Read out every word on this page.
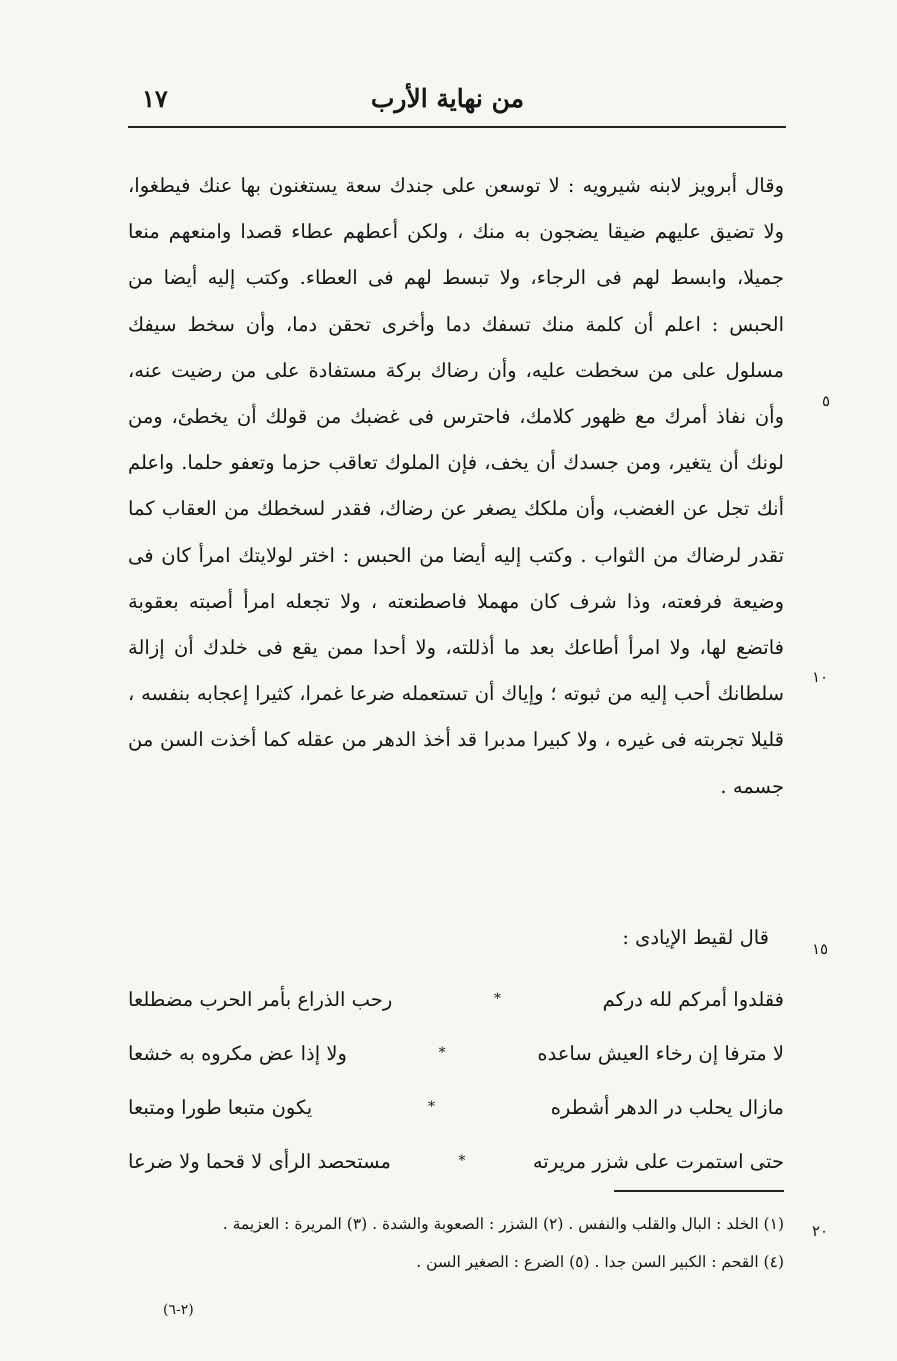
من نهاية الأرب
١٧

وقال أبرويز لابنه شيرويه : لا توسعن على جندك سعة يستغنون بها عنك فيطغوا، ولا تضيق عليهم ضيقا يضجون به منك ، ولكن أعطهم عطاء قصدا وامنعهم منعا جميلا، وابسط لهم فى الرجاء، ولا تبسط لهم فى العطاء. وكتب إليه أيضا من الحبس : اعلم أن كلمة منك تسفك دما وأخرى تحقن دما، وأن سخط سيفك مسلول على من سخطت عليه، وأن رضاك بركة مستفادة على من رضيت عنه، وأن نفاذ أمرك مع ظهور كلامك، فاحترس فى غضبك من قولك أن يخطئ، ومن لونك أن يتغير، ومن جسدك أن يخف، فإن الملوك تعاقب حزما وتعفو حلما. واعلم أنك تجل عن الغضب، وأن ملكك يصغر عن رضاك، فقدر لسخطك من العقاب كما تقدر لرضاك من الثواب . وكتب إليه أيضا من الحبس : اختر لولايتك امرأ كان فى وضيعة فرفعته، وذا شرف كان مهملا فاصطنعته ، ولا تجعله امرأ أصبته بعقوبة فاتضع لها، ولا امرأ أطاعك بعد ما أذللته، ولا أحدا ممن يقع فى خلدك أن إزالة سلطانك أحب إليه من ثبوته ؛ وإياك أن تستعمله ضرعا غمرا، كثيرا إعجابه بنفسه ، قليلا تجربته فى غيره ، ولا كبيرا مدبرا قد أخذ الدهر من عقله كما أخذت السن من جسمه .

٥
١٠
١٥
٢٠
قال لقيط الإيادى :
فقلدوا أمركم لله دركم
*
رحب الذراع بأمر الحرب مضطلعا
لا مترفا إن رخاء العيش ساعده
*
ولا إذا عض مكروه به خشعا
مازال يحلب در الدهر أشطره
*
يكون متبعا طورا ومتبعا
حتى استمرت على شزر مريرته
*
مستحصد الرأى لا قحما ولا ضرعا

(١) الخلد : البال والقلب والنفس . (٢) الشزر : الصعوبة والشدة . (٣) المريرة : العزيمة .

(٤) القحم : الكبير السن جدا . (٥) الضرع : الصغير السن .

(٢-٦)
